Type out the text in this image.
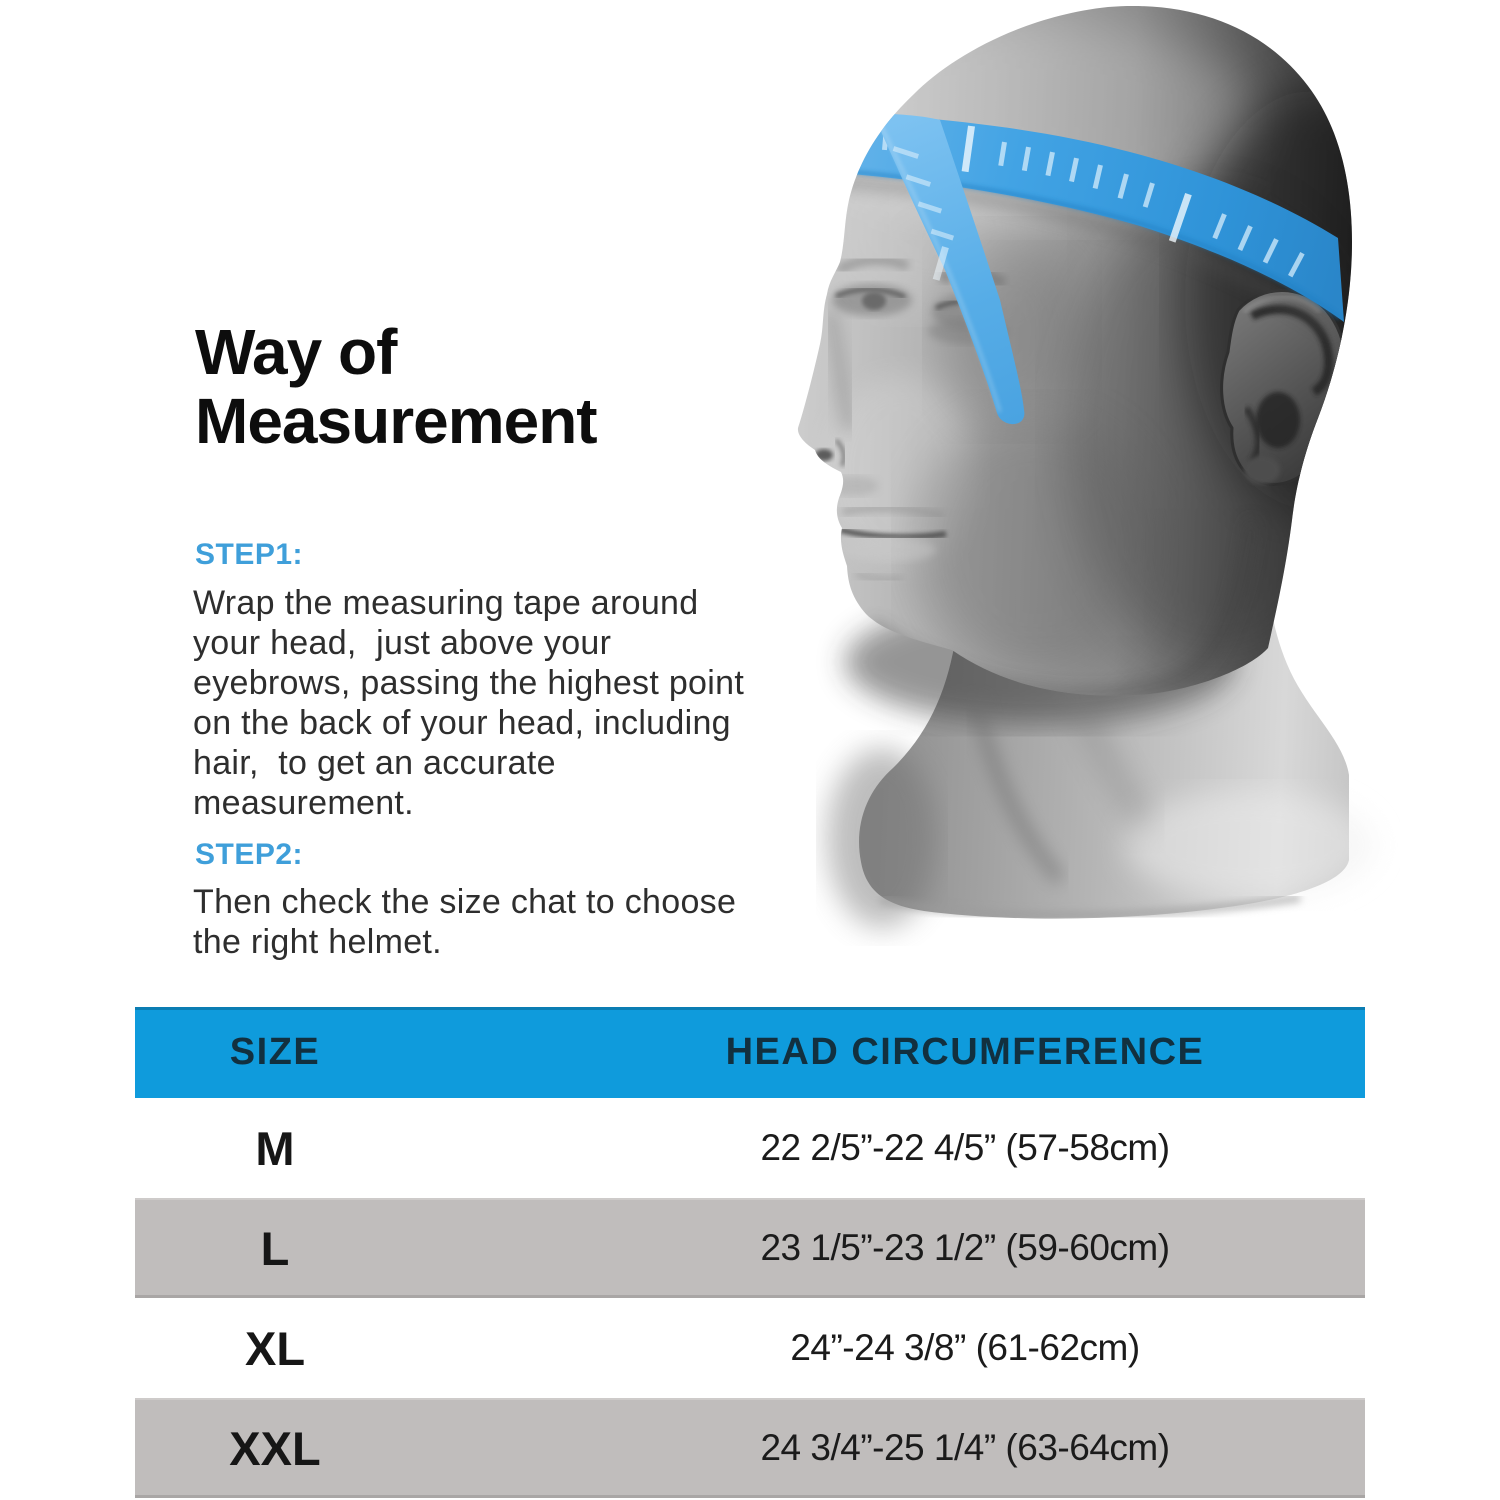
Way of
Measurement
STEP1:
Wrap the measuring tape around
your head,  just above your
eyebrows, passing the highest point
on the back of your head, including
hair,  to get an accurate
measurement.
STEP2:
Then check the size chat to choose
the right helmet.
SIZE	HEAD CIRCUMFERENCE
M	22 2/5”-22 4/5” (57-58cm)
L	23 1/5”-23 1/2” (59-60cm)
XL	24”-24 3/8” (61-62cm)
XXL	24 3/4”-25 1/4” (63-64cm)
